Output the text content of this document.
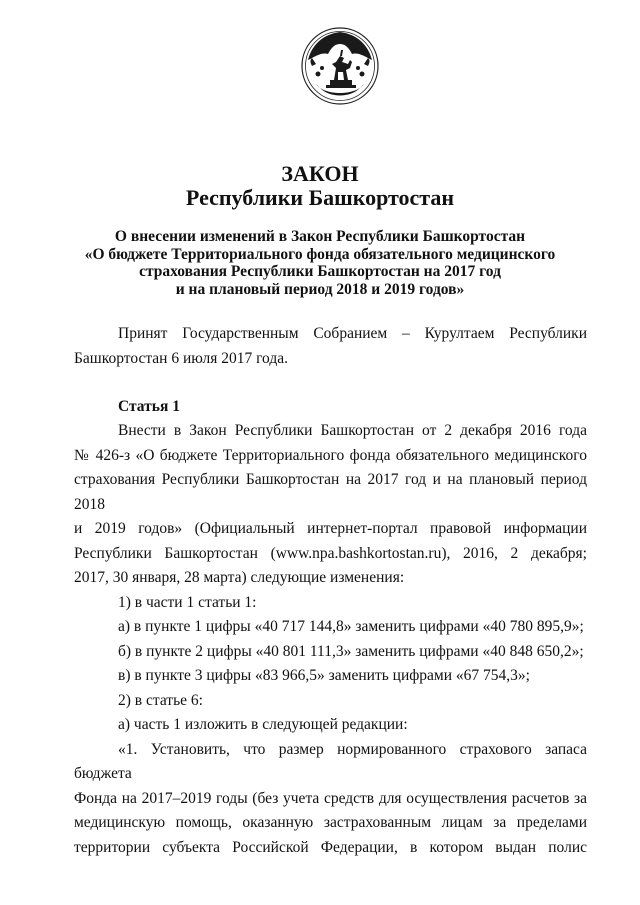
ЗАКОН
Республики Башкортостан
О внесении изменений в Закон Республики Башкортостан
«О бюджете Территориального фонда обязательного медицинского
страхования Республики Башкортостан на 2017 год
и на плановый период 2018 и 2019 годов»

Принят Государственным Собранием – Курултаем Республики

Башкортостан 6 июля 2017 года.

Статья 1

Внести в Закон Республики Башкортостан от 2 декабря 2016 года

№ 426-з «О бюджете Территориального фонда обязательного медицинского

страхования Республики Башкортостан на 2017 год и на плановый период 2018

и 2019 годов» (Официальный интернет-портал правовой информации

Республики Башкортостан (www.npa.bashkortostan.ru), 2016, 2 декабря;

2017, 30 января, 28 марта) следующие изменения:

1) в части 1 статьи 1:

а) в пункте 1 цифры «40 717 144,8» заменить цифрами «40 780 895,9»;

б) в пункте 2 цифры «40 801 111,3» заменить цифрами «40 848 650,2»;

в) в пункте 3 цифры «83 966,5» заменить цифрами «67 754,3»;

2) в статье 6:

а) часть 1 изложить в следующей редакции:

«1. Установить, что размер нормированного страхового запаса бюджета

Фонда на 2017–2019 годы (без учета средств для осуществления расчетов за

медицинскую помощь, оказанную застрахованным лицам за пределами

территории субъекта Российской Федерации, в котором выдан полис
